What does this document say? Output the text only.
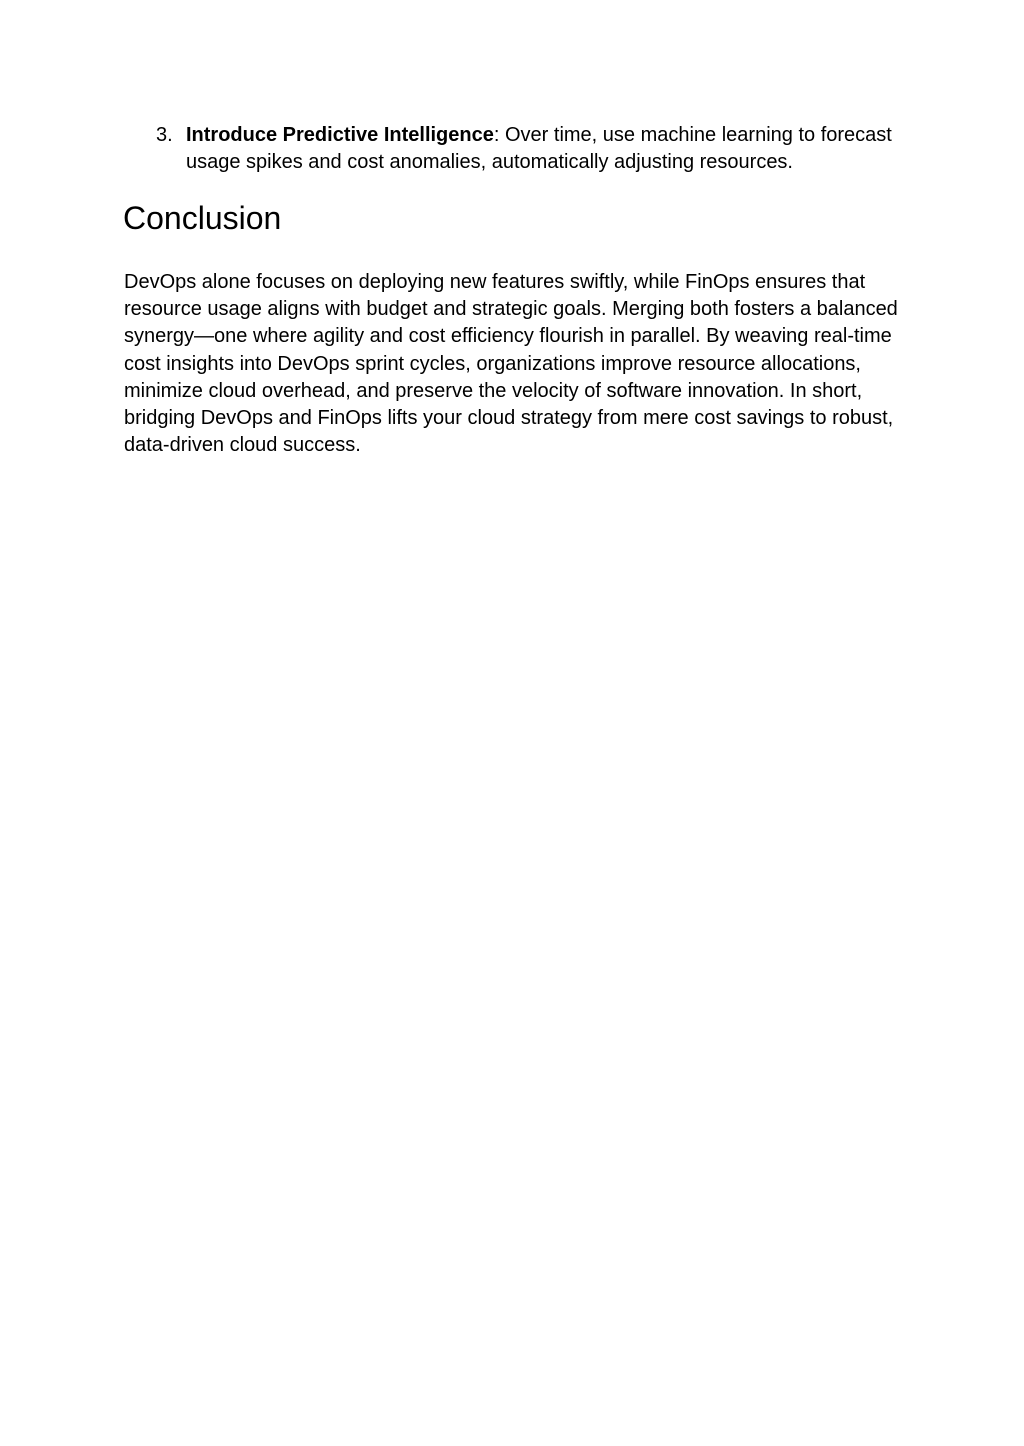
3. Introduce Predictive Intelligence: Over time, use machine learning to forecast usage spikes and cost anomalies, automatically adjusting resources.
Conclusion

DevOps alone focuses on deploying new features swiftly, while FinOps ensures that resource usage aligns with budget and strategic goals. Merging both fosters a balanced synergy—one where agility and cost efficiency flourish in parallel. By weaving real-time cost insights into DevOps sprint cycles, organizations improve resource allocations, minimize cloud overhead, and preserve the velocity of software innovation. In short, bridging DevOps and FinOps lifts your cloud strategy from mere cost savings to robust, data-driven cloud success.
